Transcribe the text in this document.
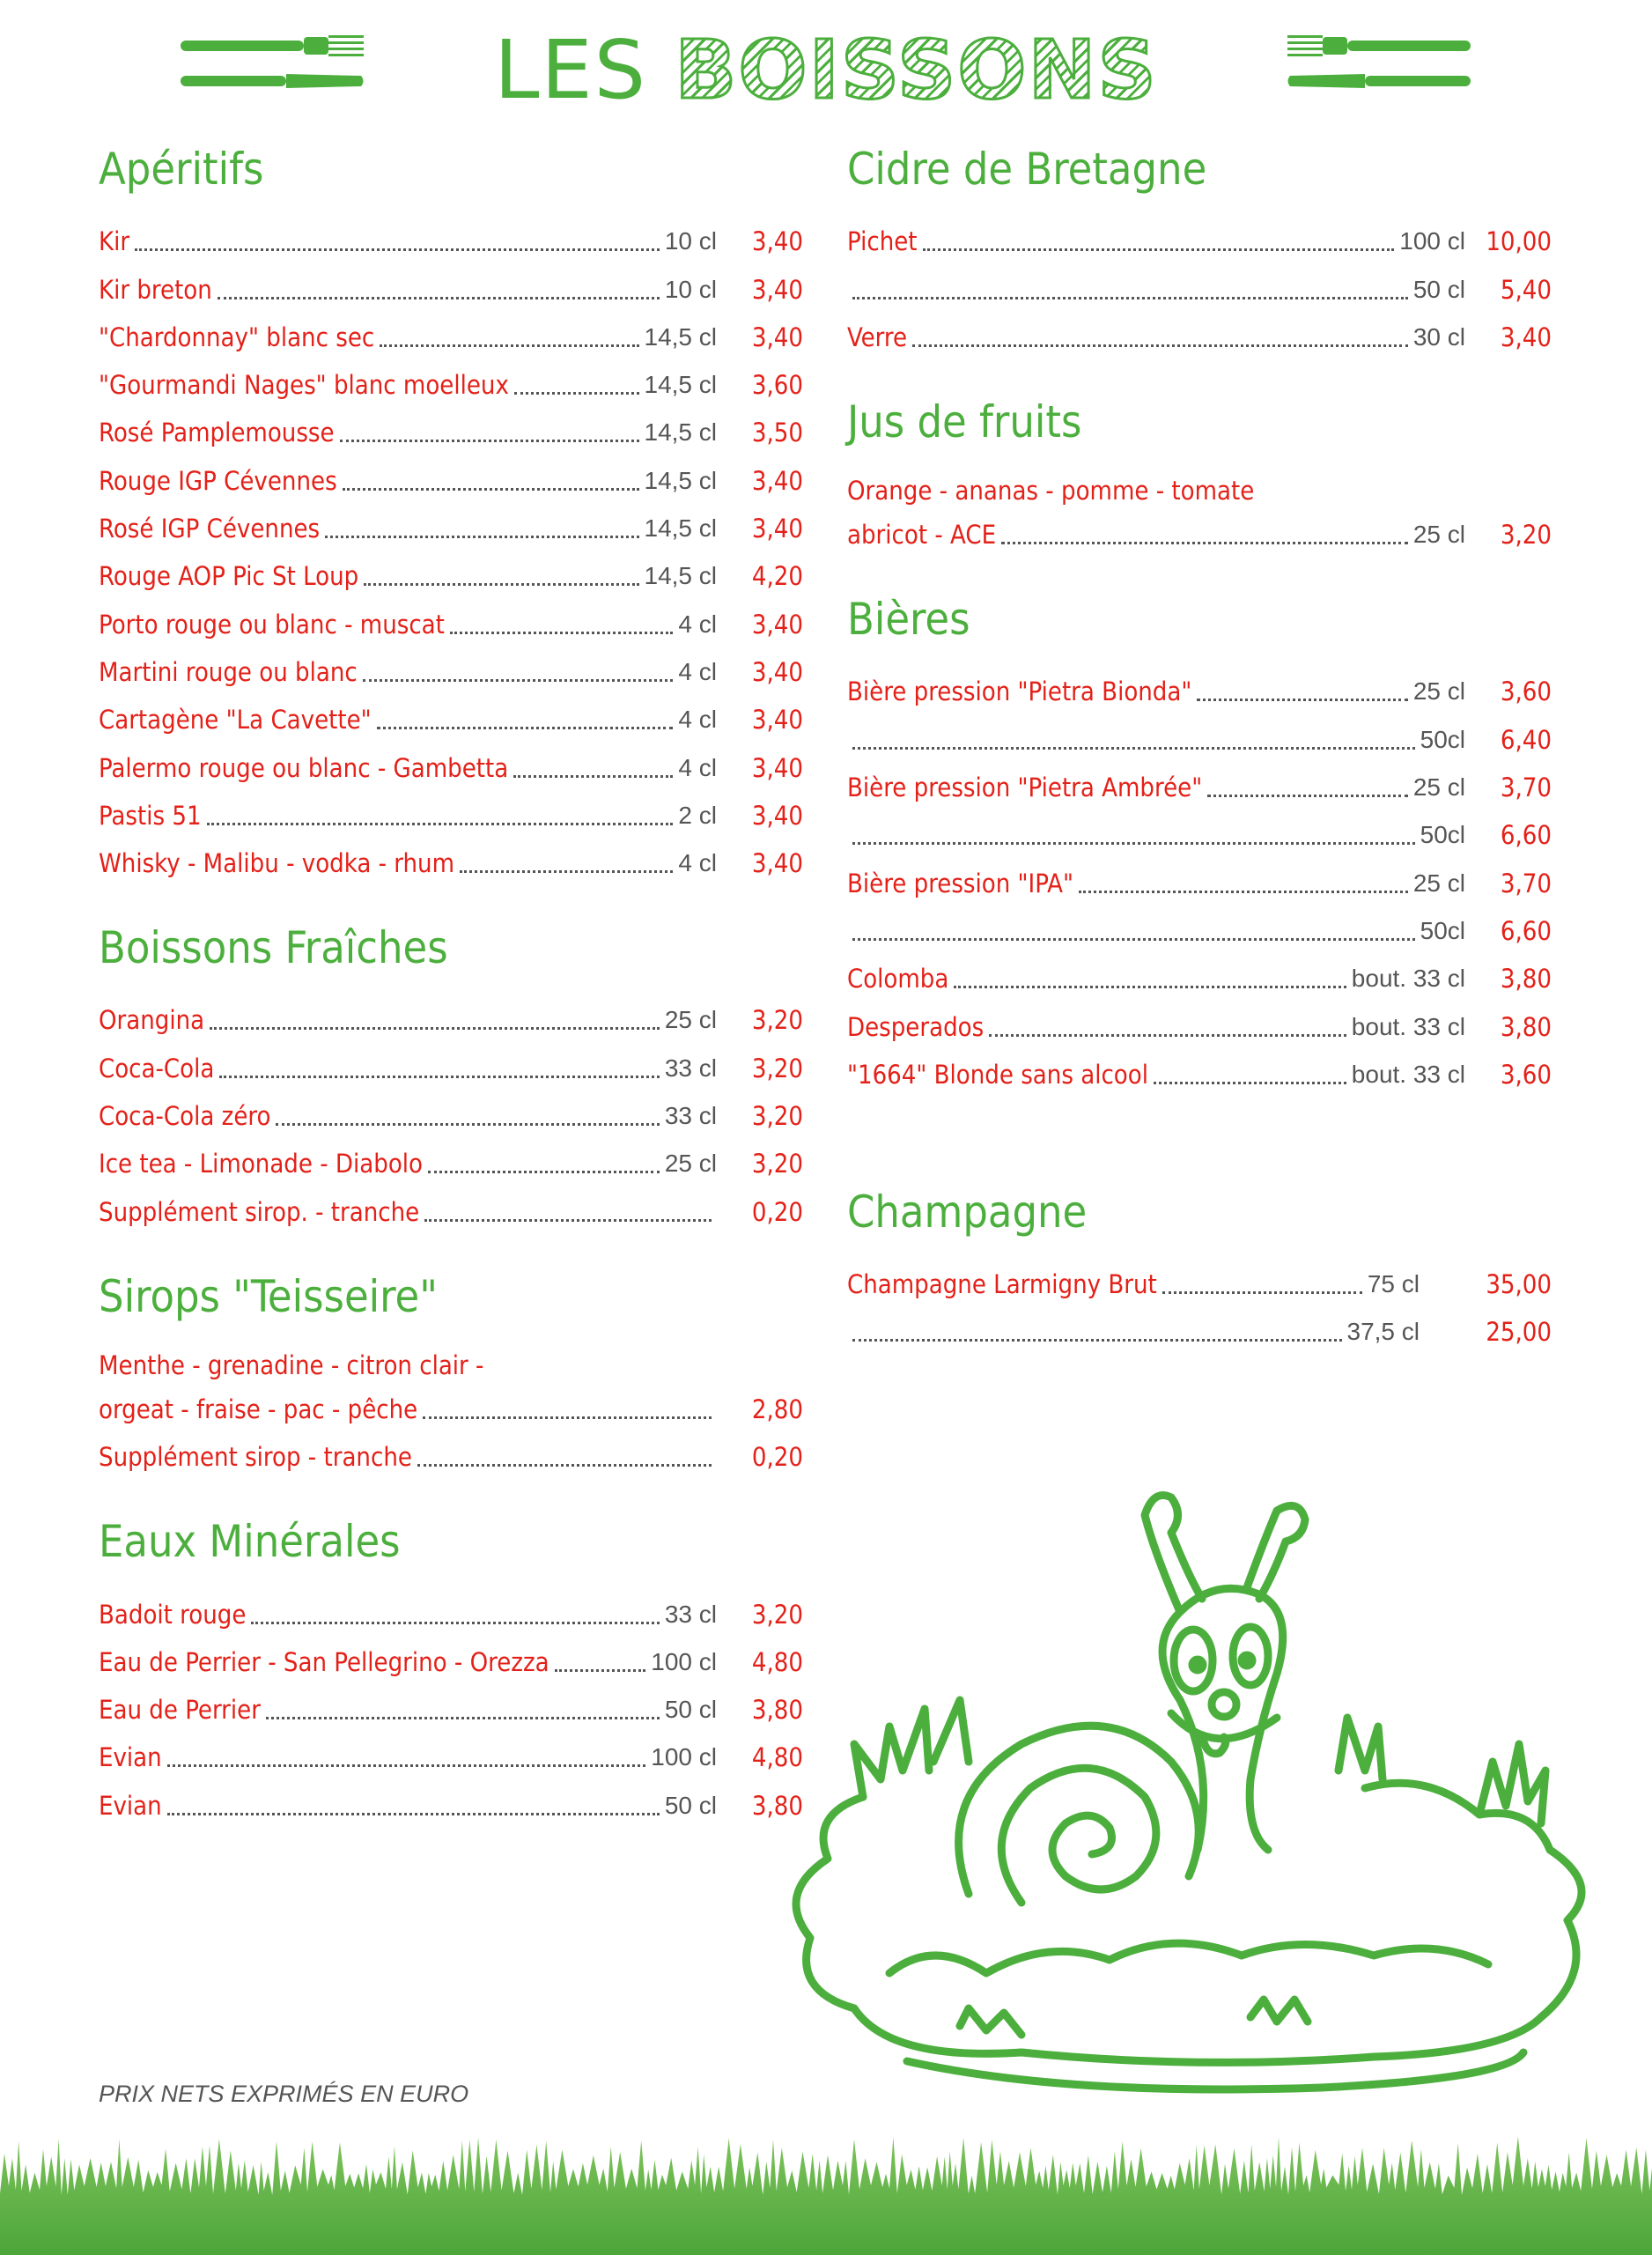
LES BOISSONS
Apéritifs
Kir	10 cl	3,40
Kir breton	10 cl	3,40
"Chardonnay" blanc sec	14,5 cl	3,40
"Gourmandi Nages" blanc moelleux	14,5 cl	3,60
Rosé Pamplemousse	14,5 cl	3,50
Rouge IGP Cévennes	14,5 cl	3,40
Rosé IGP Cévennes	14,5 cl	3,40
Rouge AOP Pic St Loup	14,5 cl	4,20
Porto rouge ou blanc - muscat	4 cl	3,40
Martini rouge ou blanc	4 cl	3,40
Cartagène "La Cavette"	4 cl	3,40
Palermo rouge ou blanc - Gambetta	4 cl	3,40
Pastis 51	2 cl	3,40
Whisky - Malibu - vodka - rhum	4 cl	3,40
Boissons Fraîches
Orangina	25 cl	3,20
Coca-Cola	33 cl	3,20
Coca-Cola zéro	33 cl	3,20
Ice tea - Limonade - Diabolo	25 cl	3,20
Supplément sirop. - tranche	0,20
Sirops "Teisseire"
Menthe - grenadine - citron clair -
orgeat - fraise - pac - pêche	2,80
Supplément sirop - tranche	0,20
Eaux Minérales
Badoit rouge	33 cl	3,20
Eau de Perrier - San Pellegrino - Orezza	100 cl	4,80
Eau de Perrier	50 cl	3,80
Evian	100 cl	4,80
Evian	50 cl	3,80
Cidre de Bretagne
Pichet	100 cl 10,00
50 cl	5,40
Verre	30 cl	3,40
Jus de fruits
Orange - ananas - pomme - tomate
abricot - ACE	25 cl	3,20
Bières
Bière pression "Pietra Bionda"	25 cl	3,60
50cl	6,40
Bière pression "Pietra Ambrée"	25 cl	3,70
50cl	6,60
Bière pression "IPA"	25 cl	3,70
50cl	6,60
Colomba	bout. 33 cl	3,80
Desperados	bout. 33 cl	3,80
"1664" Blonde sans alcool	bout. 33 cl	3,60
Champagne
Champagne Larmigny Brut	75 cl	35,00
37,5 cl	25,00
PRIX NETS EXPRIMÉS EN EURO
